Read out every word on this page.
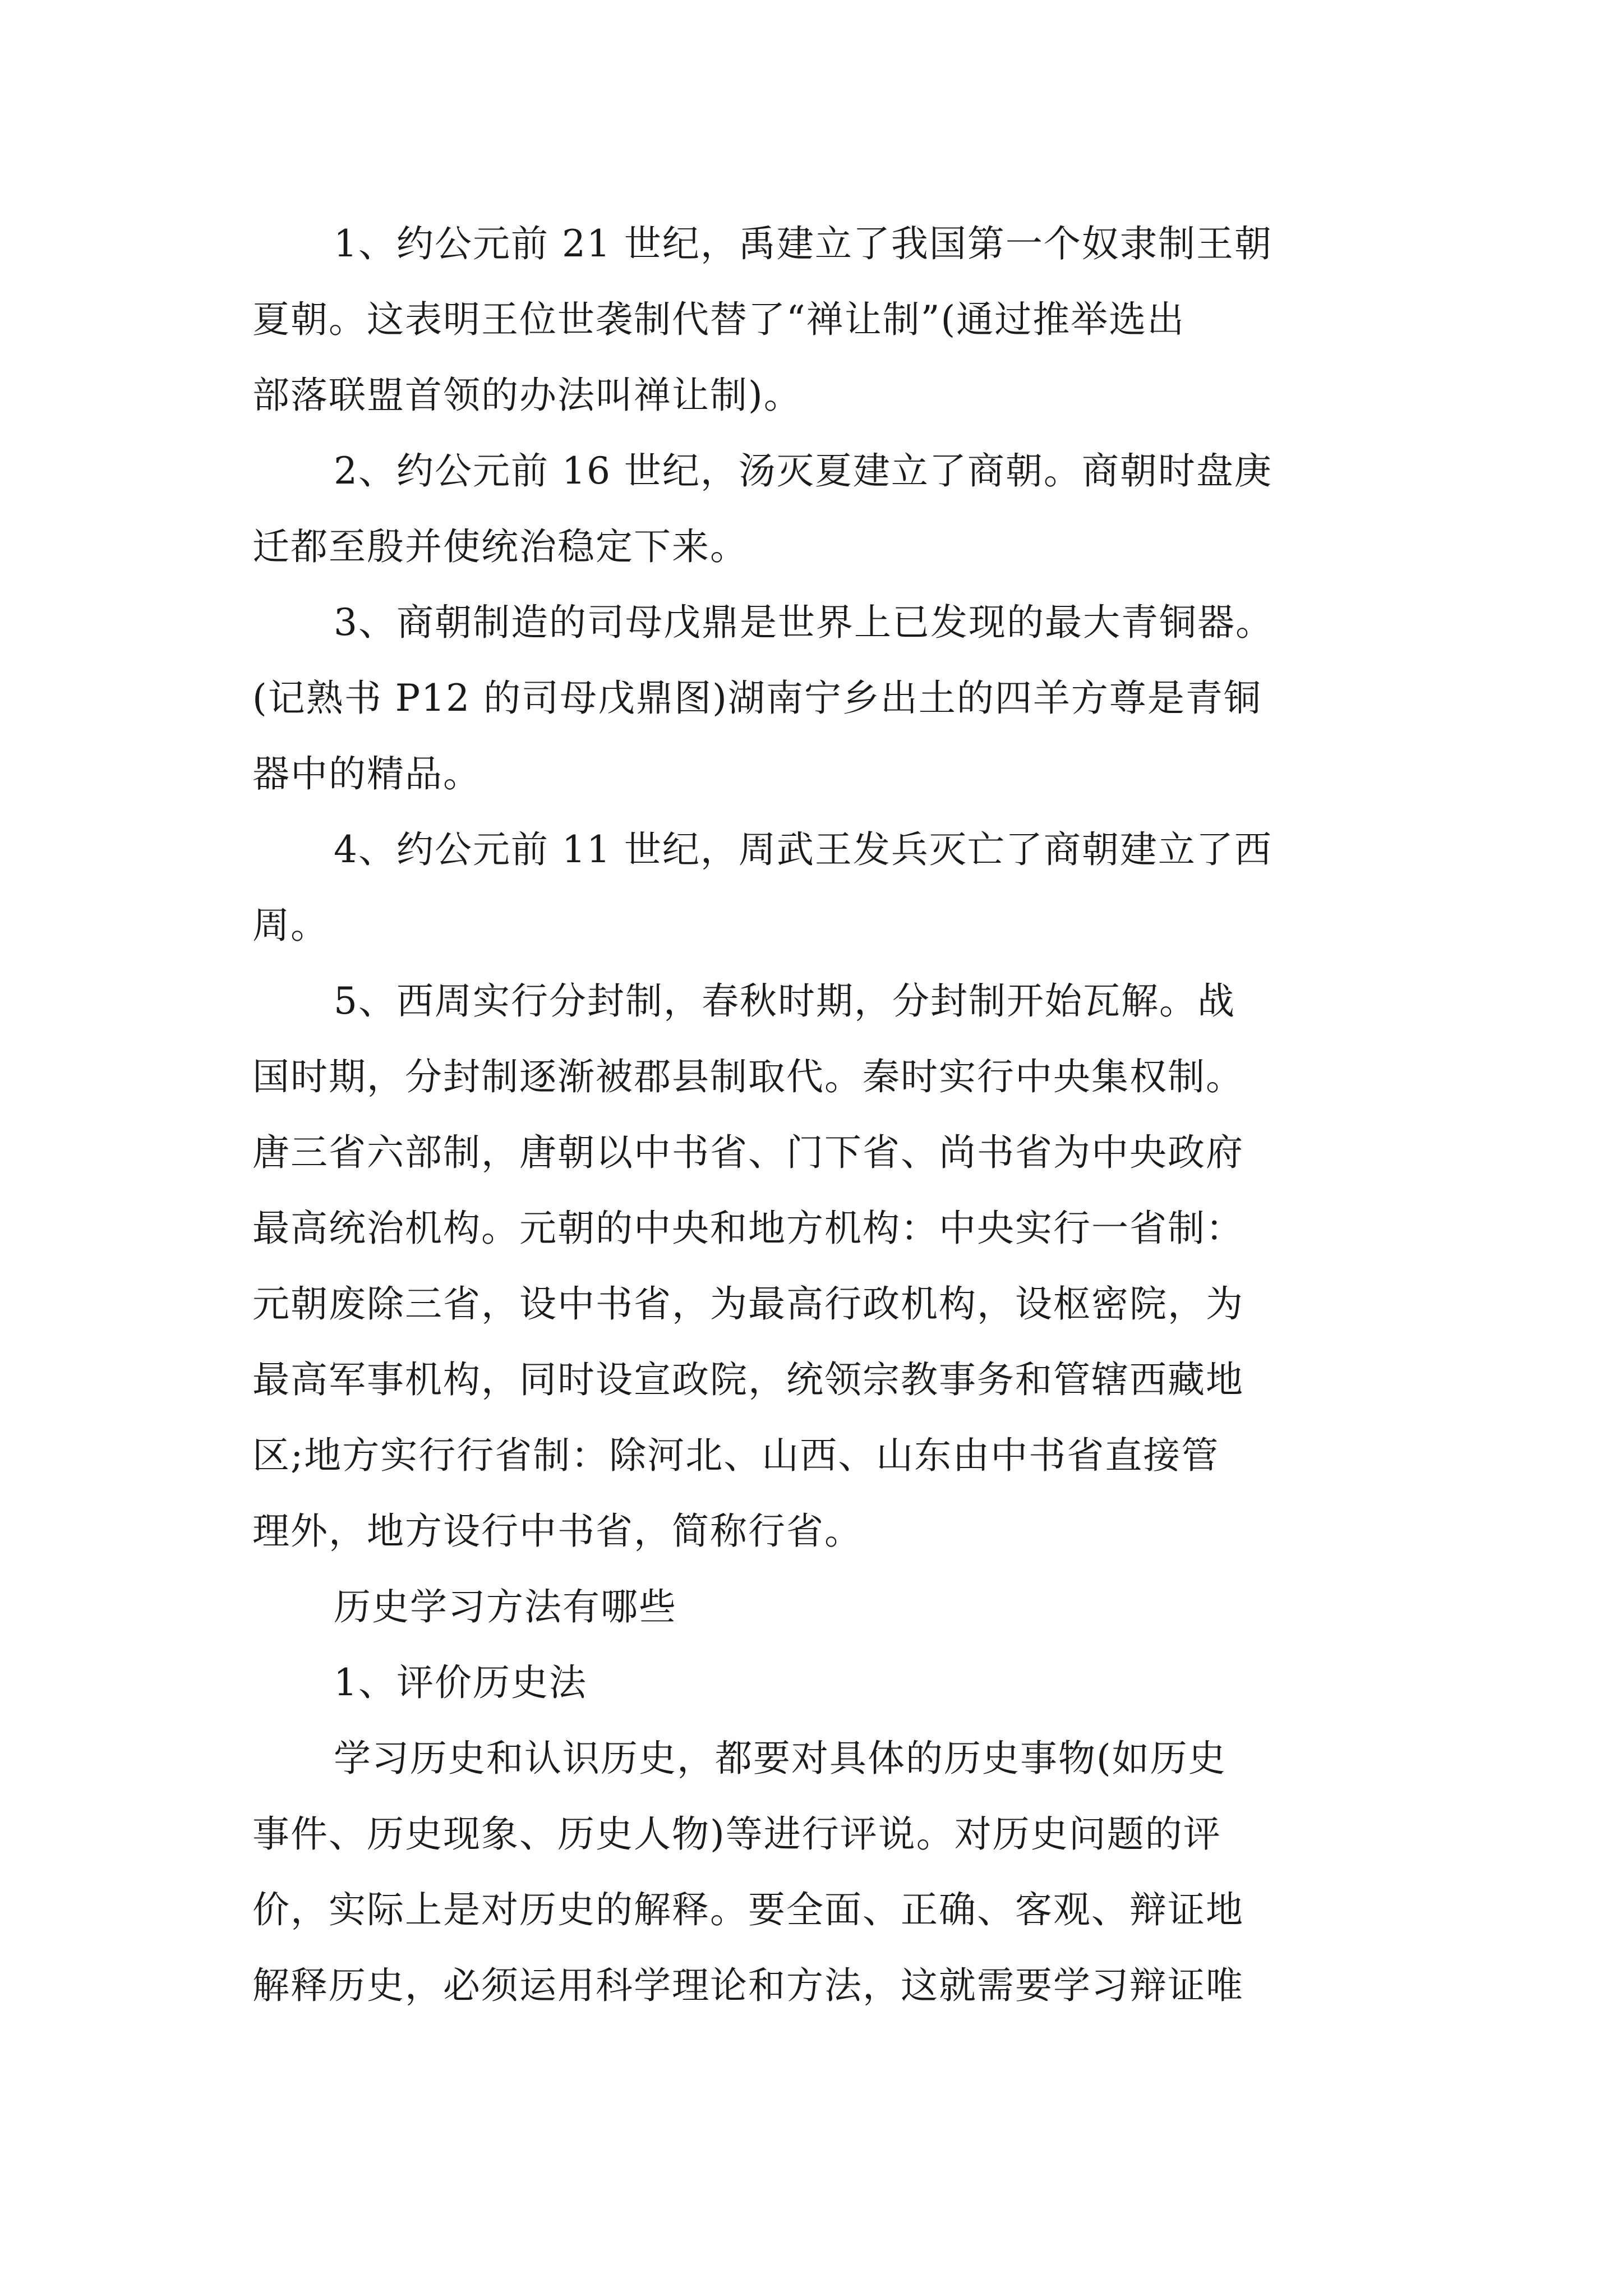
1、约公元前 21 世纪，禹建立了我国第一个奴隶制王朝

夏朝。这表明王位世袭制代替了“禅让制”(通过推举选出

部落联盟首领的办法叫禅让制)。

2、约公元前 16 世纪，汤灭夏建立了商朝。商朝时盘庚

迁都至殷并使统治稳定下来。

3、商朝制造的司母戊鼎是世界上已发现的最大青铜器。

(记熟书 P12 的司母戊鼎图)湖南宁乡出土的四羊方尊是青铜

器中的精品。

4、约公元前 11 世纪，周武王发兵灭亡了商朝建立了西

周。

5、西周实行分封制，春秋时期，分封制开始瓦解。战

国时期，分封制逐渐被郡县制取代。秦时实行中央集权制。

唐三省六部制，唐朝以中书省、门下省、尚书省为中央政府

最高统治机构。元朝的中央和地方机构：中央实行一省制：

元朝废除三省，设中书省，为最高行政机构，设枢密院，为

最高军事机构，同时设宣政院，统领宗教事务和管辖西藏地

区;地方实行行省制：除河北、山西、山东由中书省直接管

理外，地方设行中书省，简称行省。

历史学习方法有哪些

1、评价历史法

学习历史和认识历史，都要对具体的历史事物(如历史

事件、历史现象、历史人物)等进行评说。对历史问题的评

价，实际上是对历史的解释。要全面、正确、客观、辩证地

解释历史，必须运用科学理论和方法，这就需要学习辩证唯
